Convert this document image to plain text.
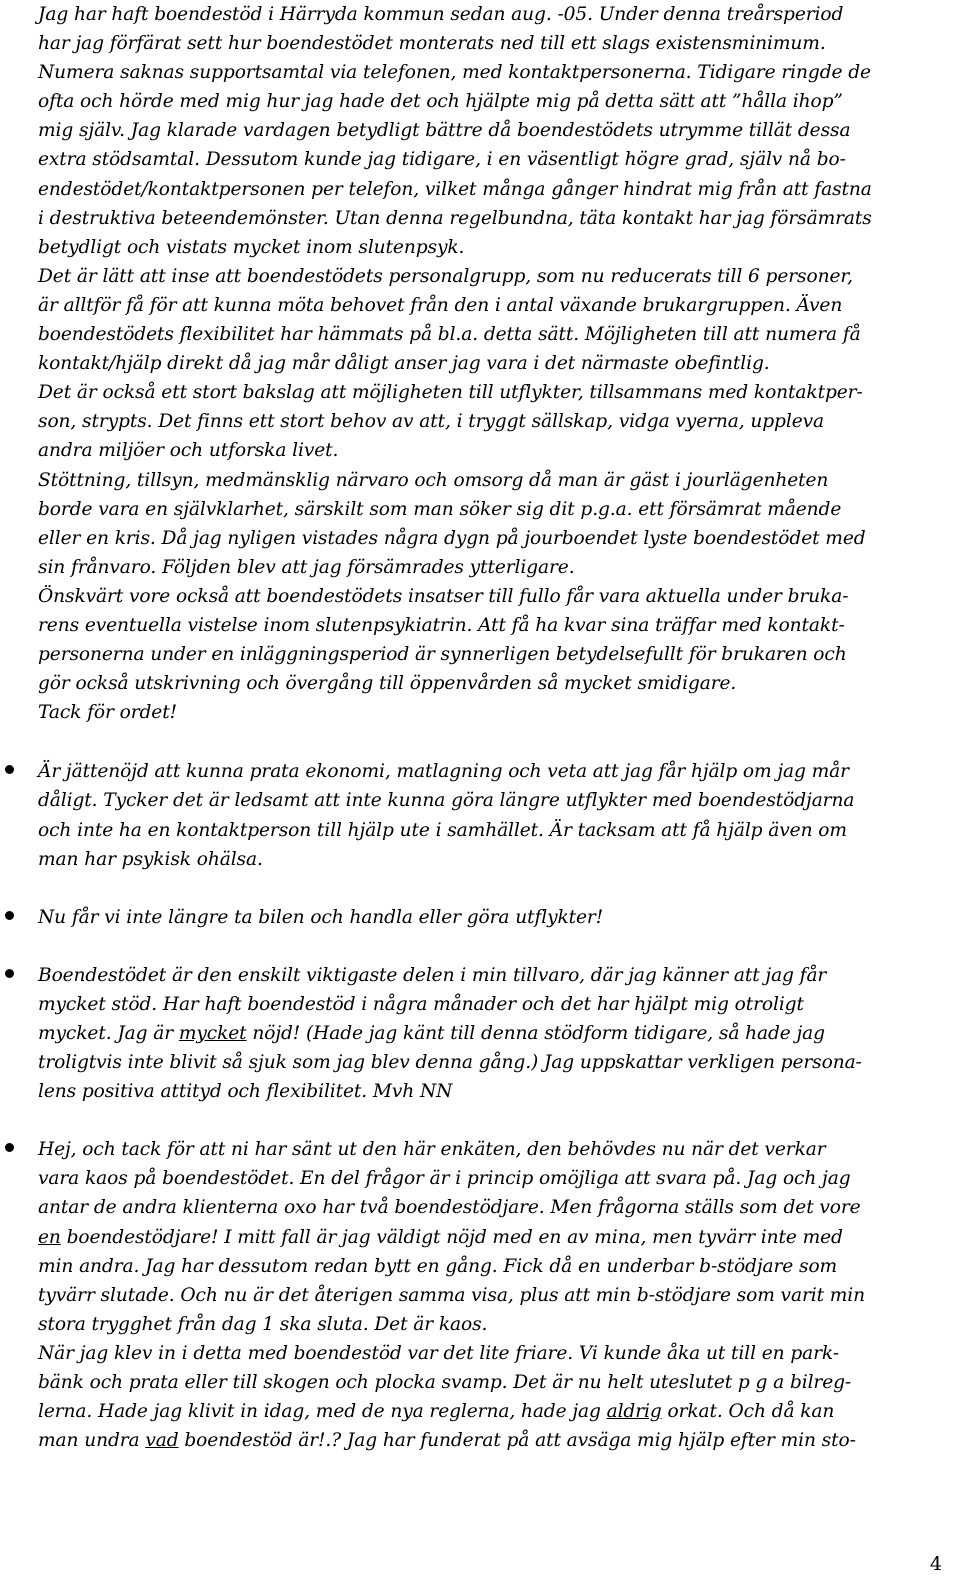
Jag har haft boendestöd i Härryda kommun sedan aug. -05. Under denna treårsperiod
har jag förfärat sett hur boendestödet monterats ned till ett slags existensminimum.
Numera saknas supportsamtal via telefonen, med kontaktpersonerna. Tidigare ringde de
ofta och hörde med mig hur jag hade det och hjälpte mig på detta sätt att ”hålla ihop”
mig själv. Jag klarade vardagen betydligt bättre då boendestödets utrymme tillät dessa
extra stödsamtal. Dessutom kunde jag tidigare, i en väsentligt högre grad, själv nå bo-
endestödet/kontaktpersonen per telefon, vilket många gånger hindrat mig från att fastna
i destruktiva beteendemönster. Utan denna regelbundna, täta kontakt har jag försämrats
betydligt och vistats mycket inom slutenpsyk.

Det är lätt att inse att boendestödets personalgrupp, som nu reducerats till 6 personer,
är alltför få för att kunna möta behovet från den i antal växande brukargruppen. Även
boendestödets flexibilitet har hämmats på bl.a. detta sätt. Möjligheten till att numera få
kontakt/hjälp direkt då jag mår dåligt anser jag vara i det närmaste obefintlig.

Det är också ett stort bakslag att möjligheten till utflykter, tillsammans med kontaktper-
son, strypts. Det finns ett stort behov av att, i tryggt sällskap, vidga vyerna, uppleva
andra miljöer och utforska livet.

Stöttning, tillsyn, medmänsklig närvaro och omsorg då man är gäst i jourlägenheten
borde vara en självklarhet, särskilt som man söker sig dit p.g.a. ett försämrat mående
eller en kris. Då jag nyligen vistades några dygn på jourboendet lyste boendestödet med
sin frånvaro. Följden blev att jag försämrades ytterligare.

Önskvärt vore också att boendestödets insatser till fullo får vara aktuella under bruka-
rens eventuella vistelse inom slutenpsykiatrin. Att få ha kvar sina träffar med kontakt-
personerna under en inläggningsperiod är synnerligen betydelsefullt för brukaren och
gör också utskrivning och övergång till öppenvården så mycket smidigare.

Tack för ordet!

Är jättenöjd att kunna prata ekonomi, matlagning och veta att jag får hjälp om jag mår
dåligt. Tycker det är ledsamt att inte kunna göra längre utflykter med boendestödjarna
och inte ha en kontaktperson till hjälp ute i samhället. Är tacksam att få hjälp även om
man har psykisk ohälsa.

Nu får vi inte längre ta bilen och handla eller göra utflykter!

Boendestödet är den enskilt viktigaste delen i min tillvaro, där jag känner att jag får
mycket stöd. Har haft boendestöd i några månader och det har hjälpt mig otroligt
mycket. Jag är mycket nöjd! (Hade jag känt till denna stödform tidigare, så hade jag
troligtvis inte blivit så sjuk som jag blev denna gång.) Jag uppskattar verkligen persona-
lens positiva attityd och flexibilitet. Mvh NN

Hej, och tack för att ni har sänt ut den här enkäten, den behövdes nu när det verkar
vara kaos på boendestödet. En del frågor är i princip omöjliga att svara på. Jag och jag
antar de andra klienterna oxo har två boendestödjare. Men frågorna ställs som det vore
en boendestödjare! I mitt fall är jag väldigt nöjd med en av mina, men tyvärr inte med
min andra. Jag har dessutom redan bytt en gång. Fick då en underbar b-stödjare som
tyvärr slutade. Och nu är det återigen samma visa, plus att min b-stödjare som varit min
stora trygghet från dag 1 ska sluta. Det är kaos.

När jag klev in i detta med boendestöd var det lite friare. Vi kunde åka ut till en park-
bänk och prata eller till skogen och plocka svamp. Det är nu helt uteslutet p g a bilreg-
lerna. Hade jag klivit in idag, med de nya reglerna, hade jag aldrig orkat. Och då kan
man undra vad boendestöd är!.? Jag har funderat på att avsäga mig hjälp efter min sto-

4
